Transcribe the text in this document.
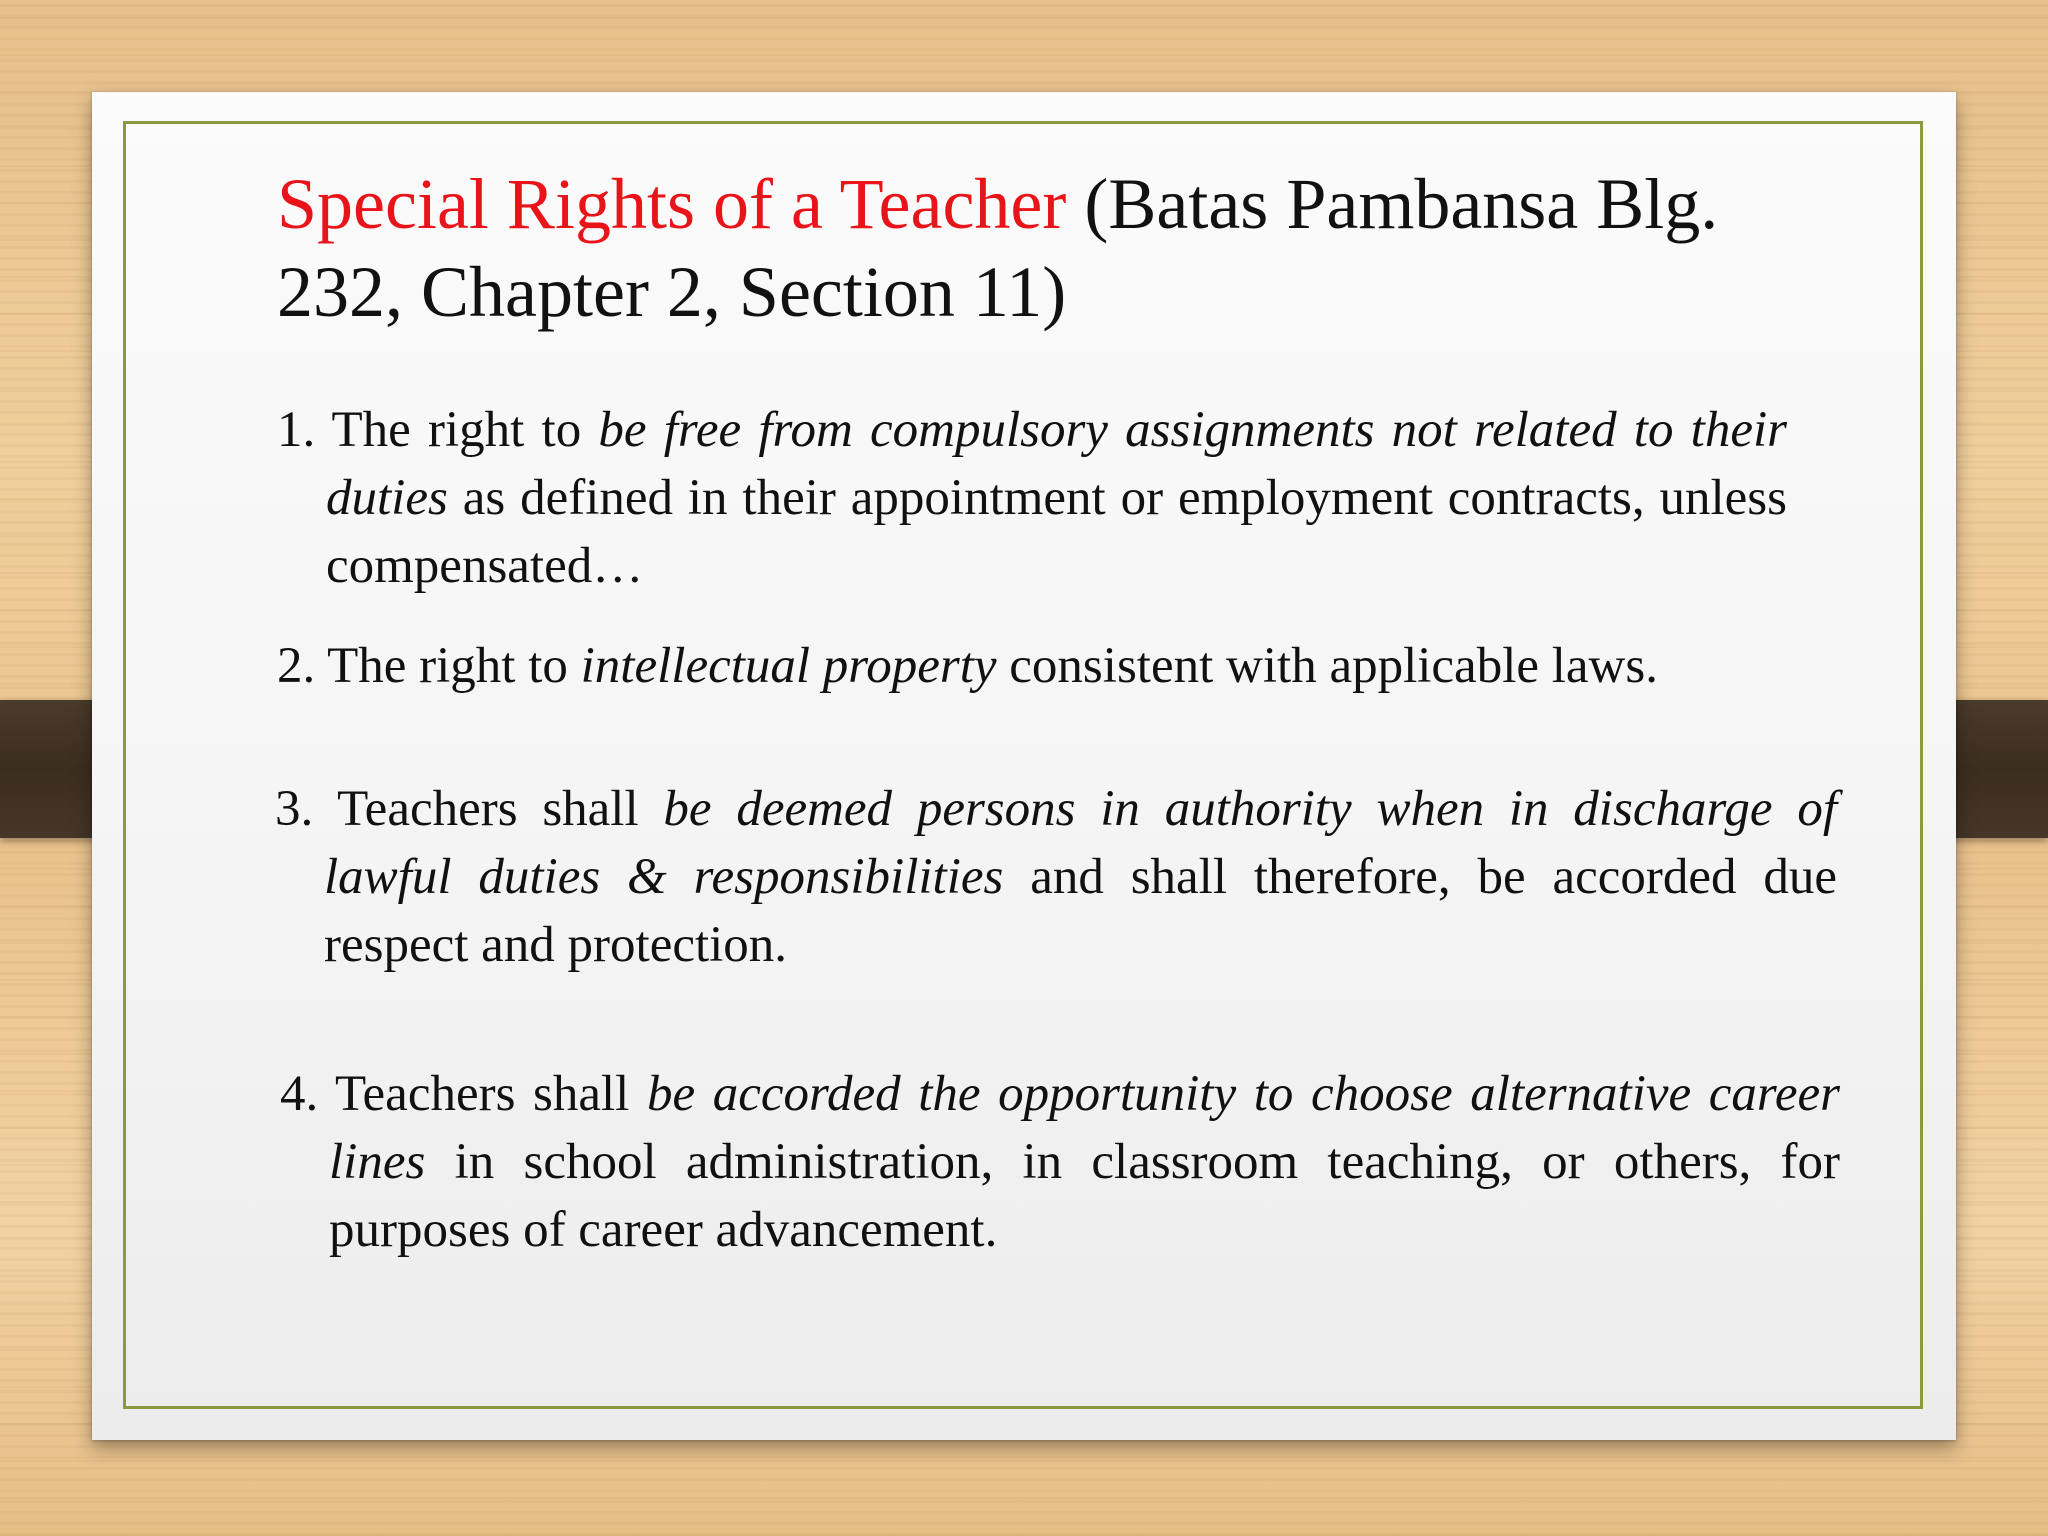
Special Rights of a Teacher (Batas Pambansa Blg. 232, Chapter 2, Section 11)
1. The right to be free from compulsory assignments not related to their duties as defined in their appointment or employment contracts, unless compensated…
2. The right to intellectual property consistent with applicable laws.
3. Teachers shall be deemed persons in authority when in discharge of lawful duties & responsibilities and shall therefore, be accorded due respect and protection.
4. Teachers shall be accorded the opportunity to choose alternative career lines in school administration, in classroom teaching, or others, for purposes of career advancement.
